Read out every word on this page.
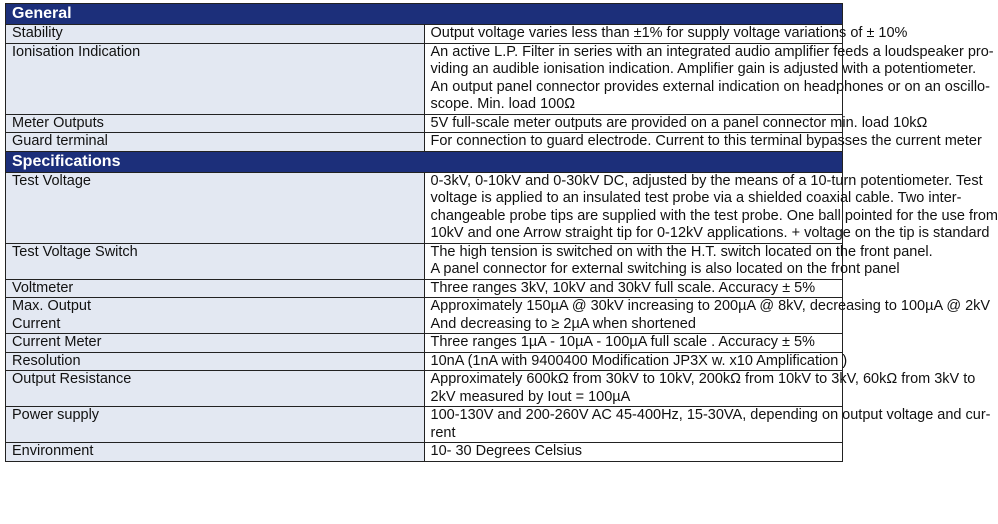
General	

Stability	Output voltage varies less than ±1% for supply voltage variations of ± 10%

Ionisation Indication	An active L.P. Filter in series with an integrated audio amplifier feeds a loudspeaker pro-
viding an audible ionisation indication. Amplifier gain is adjusted with a potentiometer.
An output panel connector provides external indication on headphones or on an oscillo-
scope. Min. load 100Ω

Meter Outputs	5V full-scale meter outputs are provided on a panel connector min. load 10kΩ

Guard terminal	For connection to guard electrode. Current to this terminal bypasses the current meter

Specifications	

Test Voltage	0-3kV, 0-10kV and 0-30kV DC, adjusted by the means of a 10-turn potentiometer. Test
voltage is applied to an insulated test probe via a shielded coaxial cable. Two inter-
changeable probe tips are supplied with the test probe. One ball pointed for the use from
10kV and one Arrow straight tip for 0-12kV applications. + voltage on the tip is standard

Test Voltage Switch	The high tension is switched on with the H.T. switch located on the front panel.
A panel connector for external switching is also located on the front panel

Voltmeter	Three ranges 3kV, 10kV and 30kV full scale. Accuracy ± 5%

Max. Output
Current	Approximately 150µA @ 30kV increasing to 200µA @ 8kV, decreasing to 100µA @ 2kV
And decreasing to ≥ 2µA when shortened

Current Meter	Three ranges 1µA - 10µA - 100µA full scale . Accuracy ± 5%

Resolution	10nA (1nA with 9400400 Modification JP3X w. x10 Amplification )

Output Resistance	Approximately 600kΩ from 30kV to 10kV, 200kΩ from 10kV to 3kV, 60kΩ from 3kV to
2kV measured by Iout = 100µA

Power supply	100-130V and 200-260V AC 45-400Hz, 15-30VA, depending on output voltage and cur-
rent

Environment	10- 30 Degrees Celsius
